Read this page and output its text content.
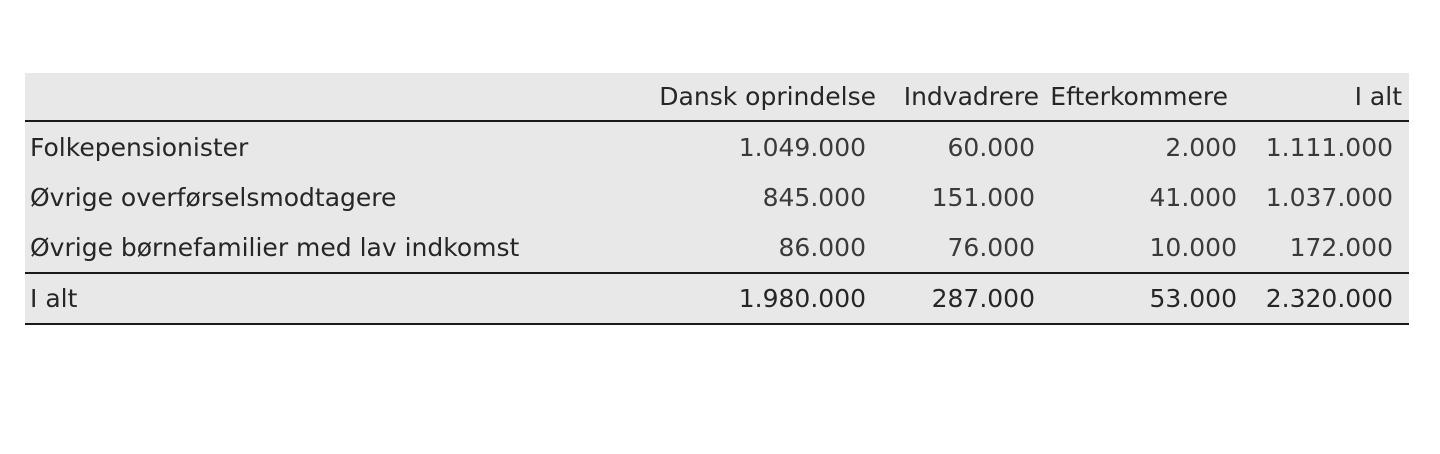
	Dansk oprindelse	Indvadrere	Efterkommere	I alt
Folkepensionister	1.049.000	60.000	2.000	1.111.000
Øvrige overførselsmodtagere	845.000	151.000	41.000	1.037.000
Øvrige børnefamilier med lav indkomst	86.000	76.000	10.000	172.000
I alt	1.980.000	287.000	53.000	2.320.000
